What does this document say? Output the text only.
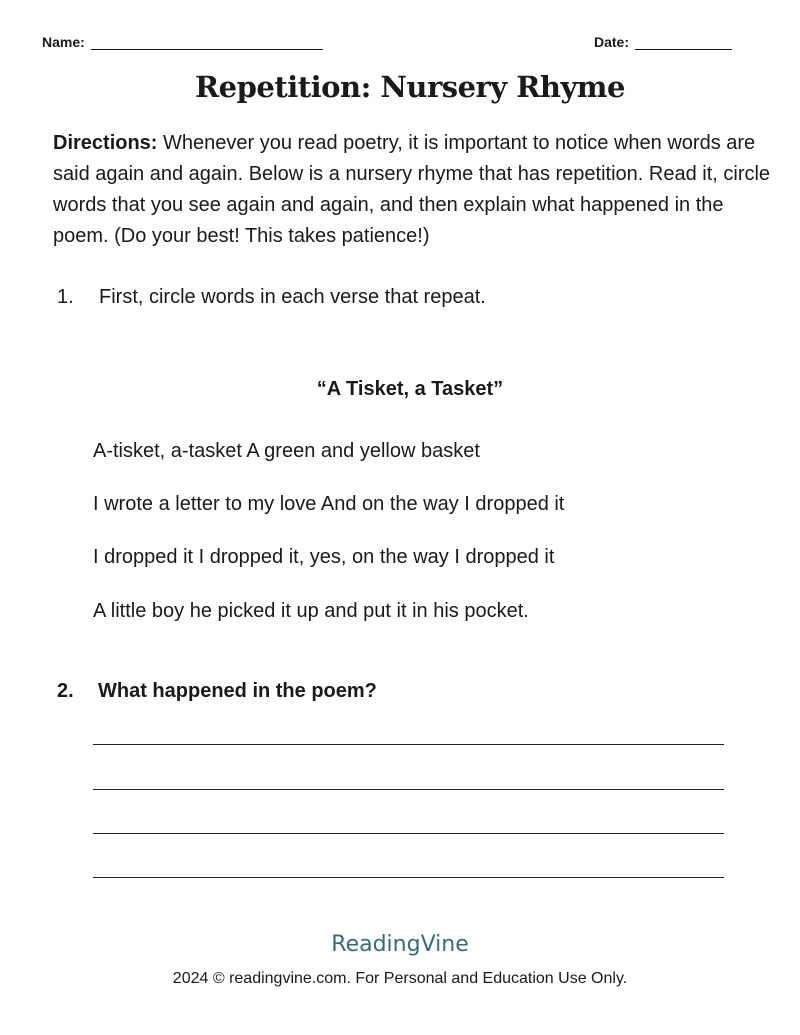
Name:	Date:
Repetition: Nursery Rhyme
Directions: Whenever you read poetry, it is important to notice when words are said again and again. Below is a nursery rhyme that has repetition. Read it, circle words that you see again and again, and then explain what happened in the poem. (Do your best! This takes patience!)
1. First, circle words in each verse that repeat.
“A Tisket, a Tasket”
A-tisket, a-tasket A green and yellow basket
I wrote a letter to my love And on the way I dropped it
I dropped it I dropped it, yes, on the way I dropped it
A little boy he picked it up and put it in his pocket.
2. What happened in the poem?
ReadingVine
2024 © readingvine.com. For Personal and Education Use Only.
